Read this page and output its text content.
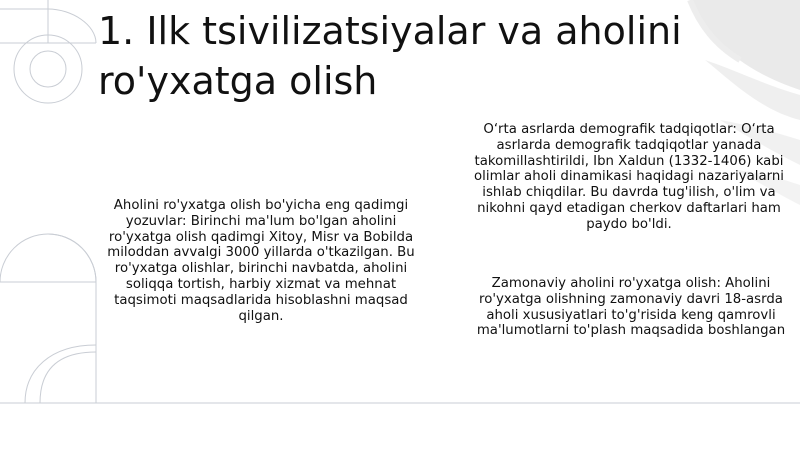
1. Ilk tsivilizatsiyalar va aholini ro'yxatga olish

Aholini ro'yxatga olish bo'yicha eng qadimgi yozuvlar: Birinchi ma'lum bo'lgan aholini ro'yxatga olish qadimgi Xitoy, Misr va Bobilda miloddan avvalgi 3000 yillarda o'tkazilgan. Bu ro'yxatga olishlar, birinchi navbatda, aholini soliqqa tortish, harbiy xizmat va mehnat taqsimoti maqsadlarida hisoblashni maqsad qilgan.

O‘rta asrlarda demografik tadqiqotlar: O‘rta asrlarda demografik tadqiqotlar yanada takomillashtirildi, Ibn Xaldun (1332-1406) kabi olimlar aholi dinamikasi haqidagi nazariyalarni ishlab chiqdilar. Bu davrda tug'ilish, o'lim va nikohni qayd etadigan cherkov daftarlari ham paydo bo'ldi.

Zamonaviy aholini ro'yxatga olish: Aholini ro'yxatga olishning zamonaviy davri 18-asrda aholi xususiyatlari to'g'risida keng qamrovli ma'lumotlarni to'plash maqsadida boshlangan
